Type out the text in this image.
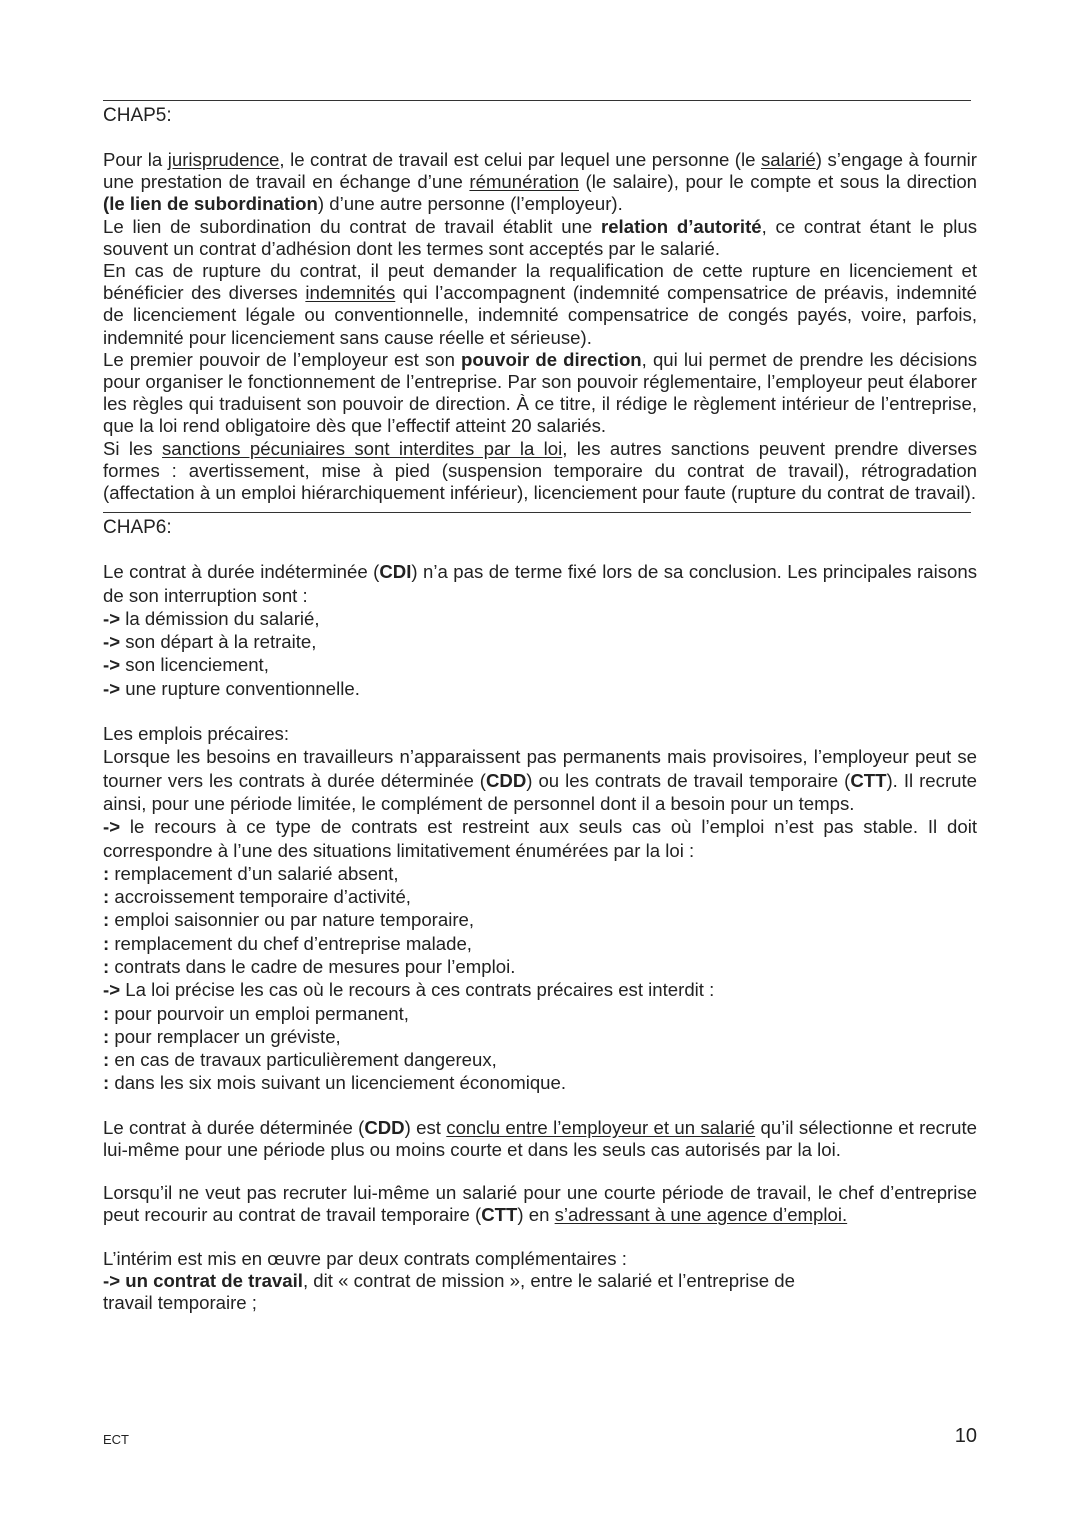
CHAP5:
Pour la jurisprudence, le contrat de travail est celui par lequel une personne (le salarié) s’engage à fournir une prestation de travail en échange d’une rémunération (le salaire), pour le compte et sous la direction (le lien de subordination) d’une autre personne (l’employeur).
Le lien de subordination du contrat de travail établit une relation d’autorité, ce contrat étant le plus souvent un contrat d’adhésion dont les termes sont acceptés par le salarié.
En cas de rupture du contrat, il peut demander la requalification de cette rupture en licenciement et bénéficier des diverses indemnités qui l’accompagnent (indemnité compensatrice de préavis, indemnité de licenciement légale ou conventionnelle, indemnité compensatrice de congés payés, voire, parfois, indemnité pour licenciement sans cause réelle et sérieuse).
Le premier pouvoir de l’employeur est son pouvoir de direction, qui lui permet de prendre les décisions pour organiser le fonctionnement de l’entreprise. Par son pouvoir réglementaire, l’employeur peut élaborer les règles qui traduisent son pouvoir de direction. À ce titre, il rédige le règlement intérieur de l’entreprise, que la loi rend obligatoire dès que l’effectif atteint 20 salariés.
Si les sanctions pécuniaires sont interdites par la loi, les autres sanctions peuvent prendre diverses formes : avertissement, mise à pied (suspension temporaire du contrat de travail), rétrogradation (affectation à un emploi hiérarchiquement inférieur), licenciement pour faute (rupture du contrat de travail).
CHAP6:
Le contrat à durée indéterminée (CDI) n’a pas de terme fixé lors de sa conclusion. Les principales raisons de son interruption sont :
-> la démission du salarié,
-> son départ à la retraite,
-> son licenciement,
-> une rupture conventionnelle.
Les emplois précaires:
Lorsque les besoins en travailleurs n’apparaissent pas permanents mais provisoires, l’employeur peut se tourner vers les contrats à durée déterminée (CDD) ou les contrats de travail temporaire (CTT). Il recrute ainsi, pour une période limitée, le complément de personnel dont il a besoin pour un temps.
-> le recours à ce type de contrats est restreint aux seuls cas où l’emploi n’est pas stable. Il doit correspondre à l’une des situations limitativement énumérées par la loi :
: remplacement d’un salarié absent,
: accroissement temporaire d’activité,
: emploi saisonnier ou par nature temporaire,
: remplacement du chef d’entreprise malade,
: contrats dans le cadre de mesures pour l’emploi.
-> La loi précise les cas où le recours à ces contrats précaires est interdit :
: pour pourvoir un emploi permanent,
: pour remplacer un gréviste,
: en cas de travaux particulièrement dangereux,
: dans les six mois suivant un licenciement économique.
Le contrat à durée déterminée (CDD) est conclu entre l’employeur et un salarié qu’il sélectionne et recrute lui-même pour une période plus ou moins courte et dans les seuls cas autorisés par la loi.
Lorsqu’il ne veut pas recruter lui-même un salarié pour une courte période de travail, le chef d’entreprise peut recourir au contrat de travail temporaire (CTT) en s’adressant à une agence d’emploi.
L’intérim est mis en œuvre par deux contrats complémentaires :
-> un contrat de travail, dit « contrat de mission », entre le salarié et l’entreprise de
travail temporaire ;
ECT	10
